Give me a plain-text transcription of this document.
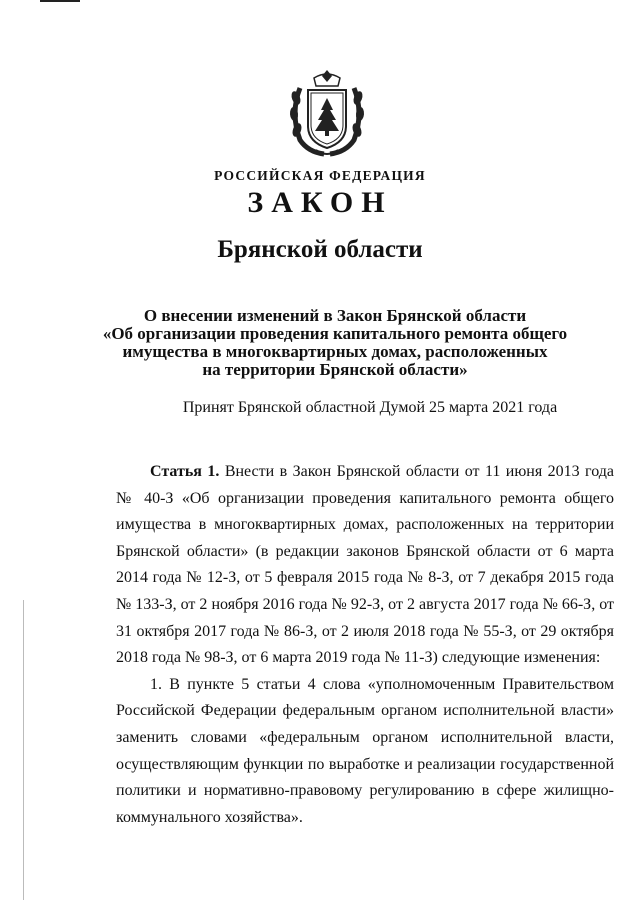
РОССИЙСКАЯ ФЕДЕРАЦИЯ
ЗАКОН
Брянской области
О внесении изменений в Закон Брянской области
«Об организации проведения капитального ремонта общего
имущества в многоквартирных домах, расположенных
на территории Брянской области»
Принят Брянской областной Думой 25 марта 2021 года

Статья 1. Внести в Закон Брянской области от 11 июня 2013 года № 40-З «Об организации проведения капитального ремонта общего имущества в многоквартирных домах, расположенных на территории Брянской области» (в редакции законов Брянской области от 6 марта 2014 года № 12-З, от 5 февраля 2015 года № 8-З, от 7 декабря 2015 года № 133-З, от 2 ноября 2016 года № 92-З, от 2 августа 2017 года № 66-З, от 31 октября 2017 года № 86-З, от 2 июля 2018 года № 55-З, от 29 октября 2018 года № 98-З, от 6 марта 2019 года № 11-З) следующие изменения:

1. В пункте 5 статьи 4 слова «уполномоченным Правительством Российской Федерации федеральным органом исполнительной власти» заменить словами «федеральным органом исполнительной власти, осуществляющим функции по выработке и реализации государственной политики и нормативно-правовому регулированию в сфере жилищно-коммунального хозяйства».
